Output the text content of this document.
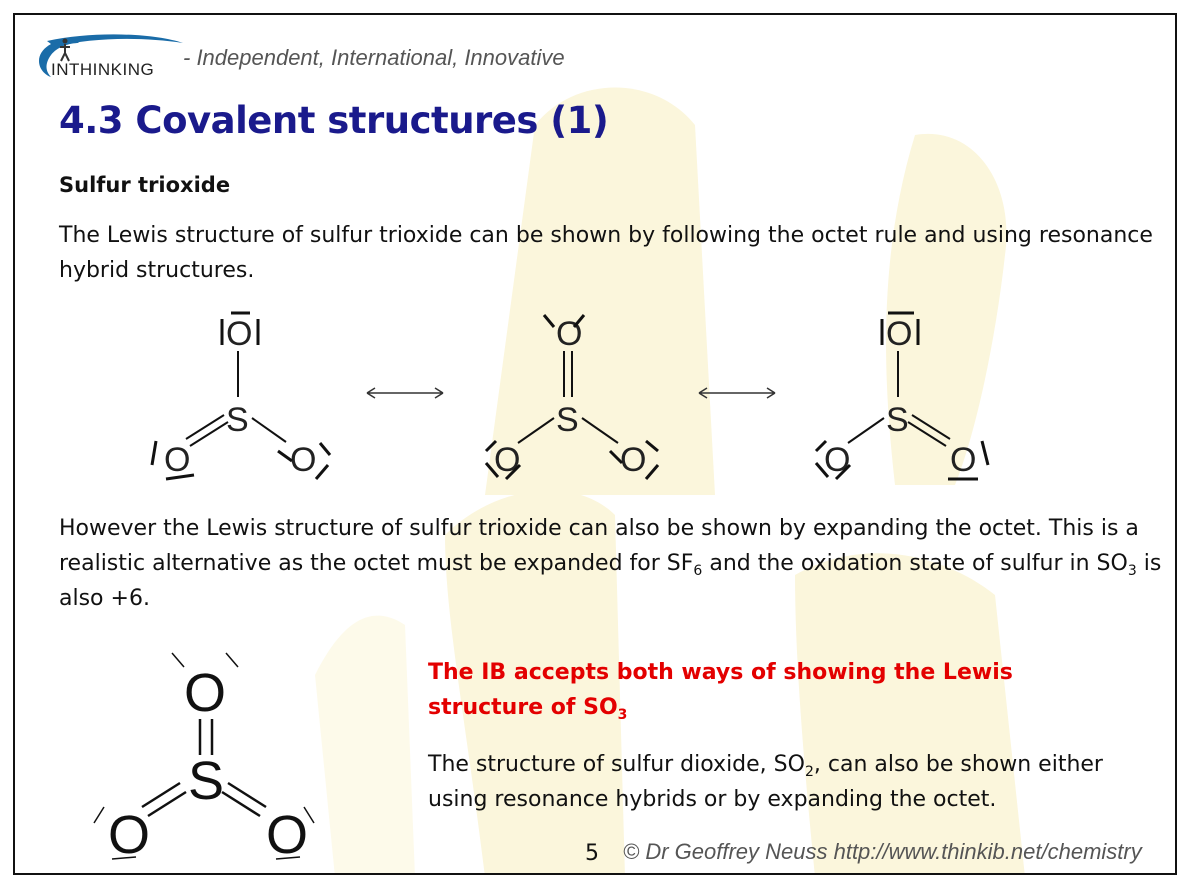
INTHINKING - Independent, International, Innovative
4.3 Covalent structures (1)
Sulfur trioxide
The Lewis structure of sulfur trioxide can be shown by following the octet rule and using resonance hybrid structures.
O
S
O	O
O
S
O	O
O
S
O	O
However the Lewis structure of sulfur trioxide can also be shown by expanding the octet. This is a realistic alternative as the octet must be expanded for $SF_6$ and the oxidation state of sulfur in $SO_3$ is also +6.
O
S
O O
The IB accepts both ways of showing the Lewis structure of $SO_3$
The structure of sulfur dioxide, $SO_2$, can also be shown either using resonance hybrids or by expanding the octet.
5 © Dr Geoffrey Neuss http://www.thinkib.net/chemistry
